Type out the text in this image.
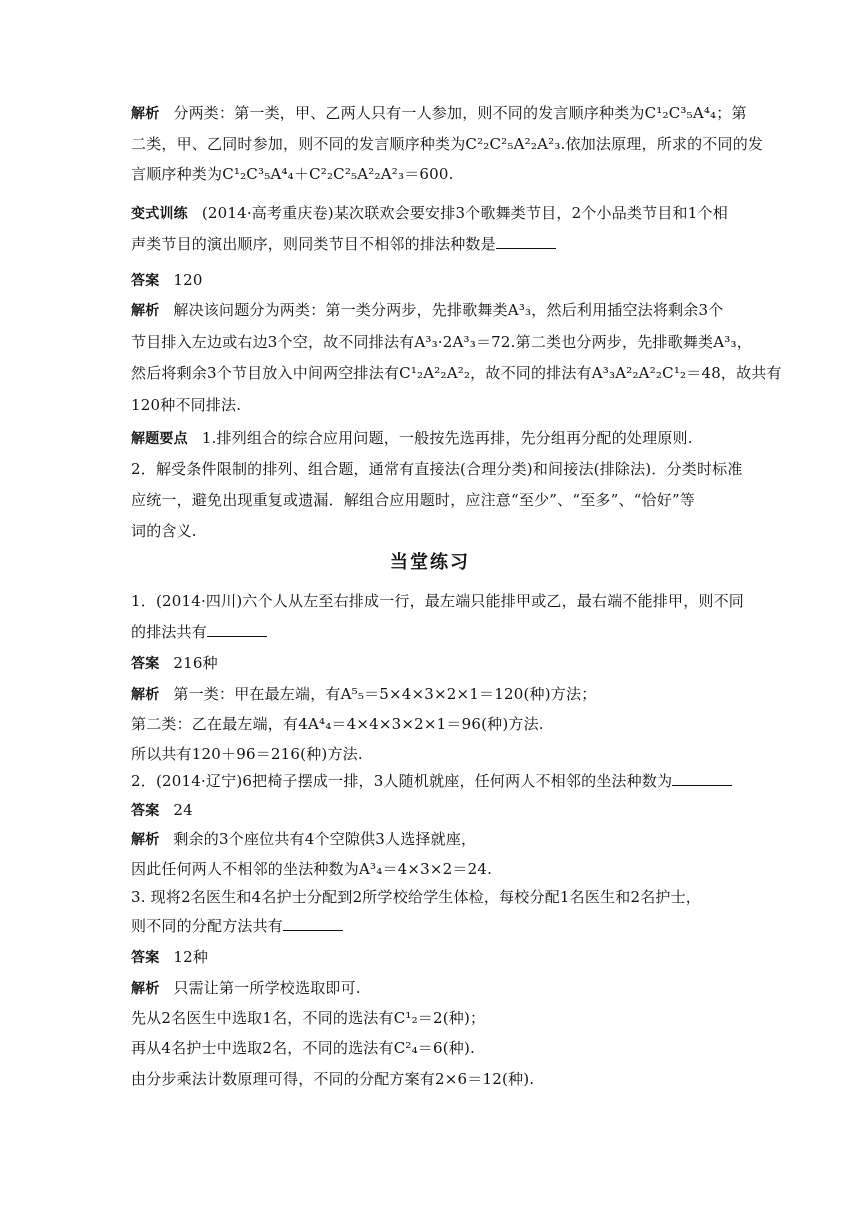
解析 分两类：第一类，甲、乙两人只有一人参加，则不同的发言顺序种类为C¹₂C³₅A⁴₄；第
二类，甲、乙同时参加，则不同的发言顺序种类为C²₂C²₅A²₂A²₃.依加法原理，所求的不同的发
言顺序种类为C¹₂C³₅A⁴₄＋C²₂C²₅A²₂A²₃＝600.
变式训练 (2014·高考重庆卷)某次联欢会要安排3个歌舞类节目，2个小品类节目和1个相
声类节目的演出顺序，则同类节目不相邻的排法种数是
答案 120
解析 解决该问题分为两类：第一类分两步，先排歌舞类A³₃，然后利用插空法将剩余3个
节目排入左边或右边3个空，故不同排法有A³₃·2A³₃＝72.第二类也分两步，先排歌舞类A³₃，
然后将剩余3个节目放入中间两空排法有C¹₂A²₂A²₂，故不同的排法有A³₃A²₂A²₂C¹₂＝48，故共有
120种不同排法.
解题要点 1.排列组合的综合应用问题，一般按先选再排，先分组再分配的处理原则.
2．解受条件限制的排列、组合题，通常有直接法(合理分类)和间接法(排除法)．分类时标准
应统一，避免出现重复或遗漏．解组合应用题时，应注意“至少”、“至多”、“恰好”等
词的含义.
1．(2014·四川)六个人从左至右排成一行，最左端只能排甲或乙，最右端不能排甲，则不同
的排法共有
答案 216种
解析 第一类：甲在最左端，有A⁵₅＝5×4×3×2×1＝120(种)方法；
第二类：乙在最左端，有4A⁴₄＝4×4×3×2×1＝96(种)方法.
所以共有120＋96＝216(种)方法.
2．(2014·辽宁)6把椅子摆成一排，3人随机就座，任何两人不相邻的坐法种数为
答案 24
解析 剩余的3个座位共有4个空隙供3人选择就座，
因此任何两人不相邻的坐法种数为A³₄＝4×3×2＝24.
3. 现将2名医生和4名护士分配到2所学校给学生体检，每校分配1名医生和2名护士，
则不同的分配方法共有
答案 12种
解析 只需让第一所学校选取即可.
先从2名医生中选取1名，不同的选法有C¹₂＝2(种)；
再从4名护士中选取2名，不同的选法有C²₄＝6(种).
由分步乘法计数原理可得，不同的分配方案有2×6＝12(种).
当堂练习
